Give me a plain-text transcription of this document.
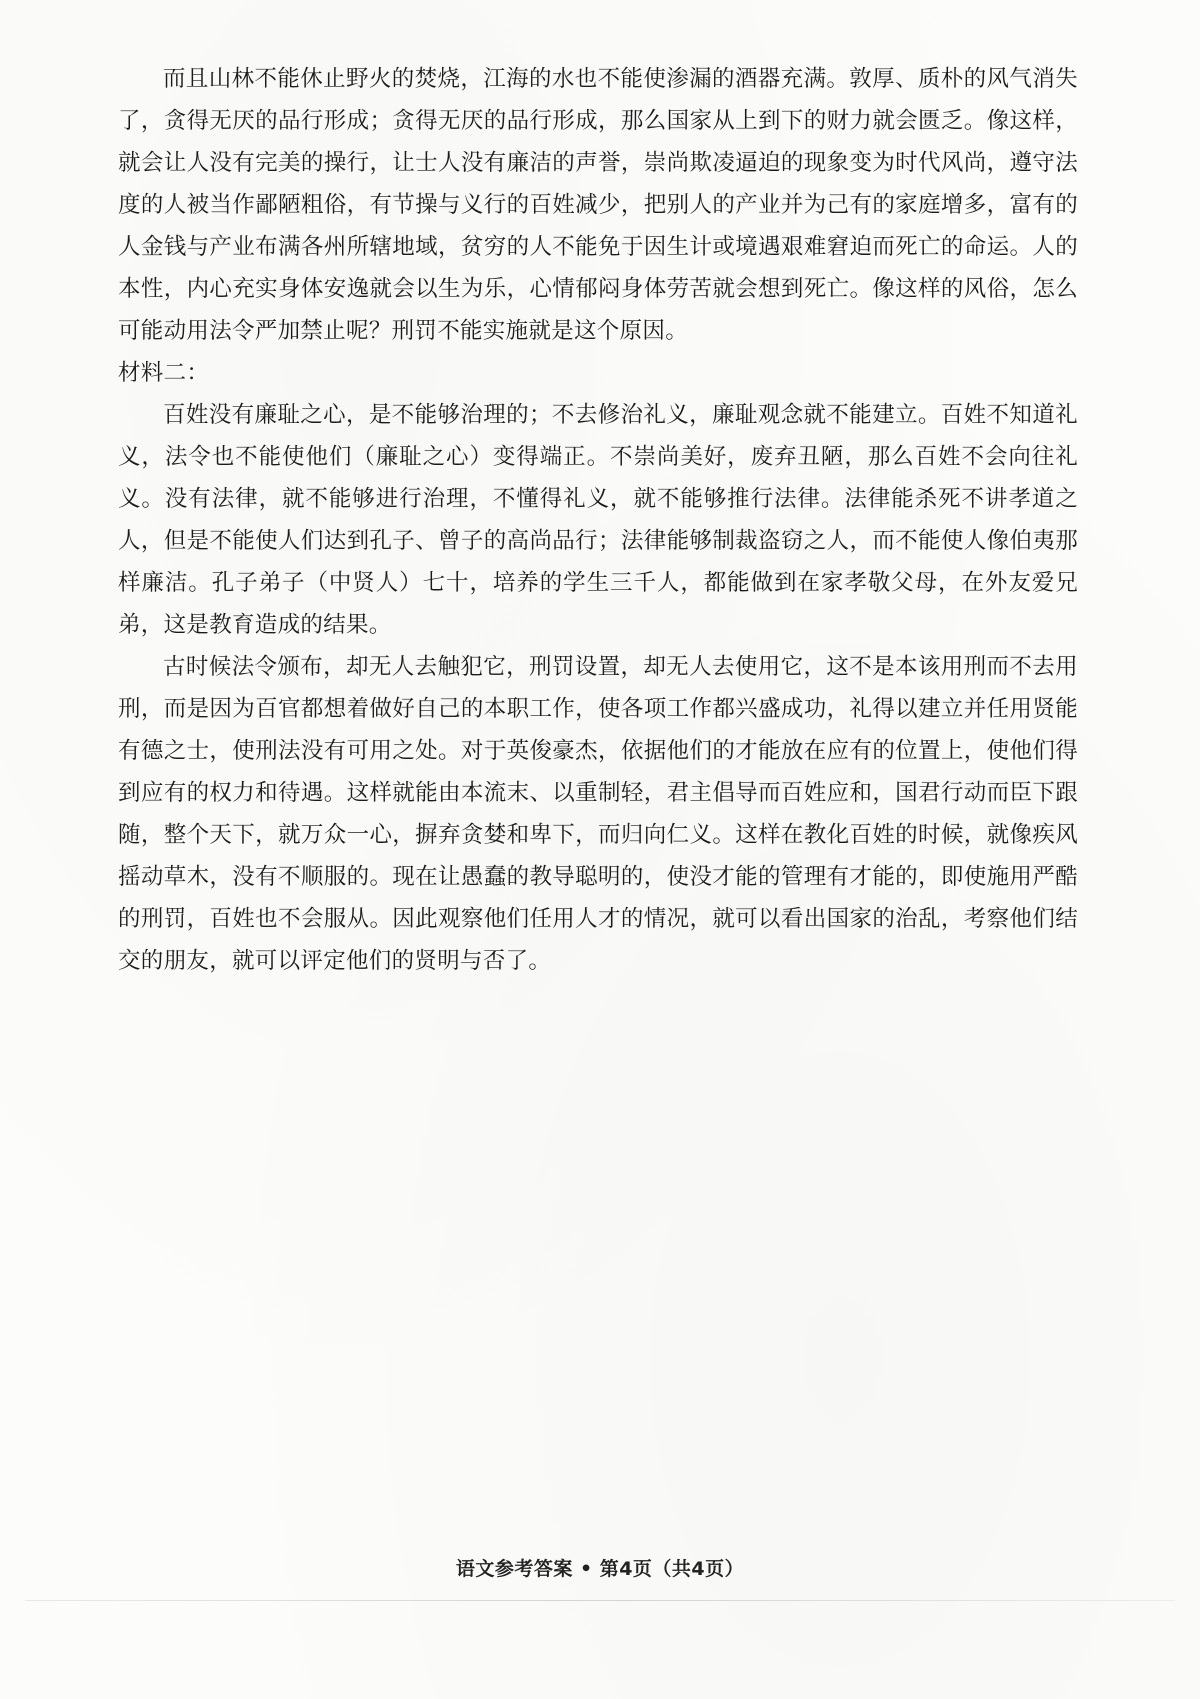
而且山林不能休止野火的焚烧，江海的水也不能使渗漏的酒器充满。敦厚、质朴的风气消失了，贪得无厌的品行形成；贪得无厌的品行形成，那么国家从上到下的财力就会匮乏。像这样，就会让人没有完美的操行，让士人没有廉洁的声誉，崇尚欺凌逼迫的现象变为时代风尚，遵守法度的人被当作鄙陋粗俗，有节操与义行的百姓减少，把别人的产业并为己有的家庭增多，富有的人金钱与产业布满各州所辖地域，贫穷的人不能免于因生计或境遇艰难窘迫而死亡的命运。人的本性，内心充实身体安逸就会以生为乐，心情郁闷身体劳苦就会想到死亡。像这样的风俗，怎么可能动用法令严加禁止呢？刑罚不能实施就是这个原因。

材料二：

百姓没有廉耻之心，是不能够治理的；不去修治礼义，廉耻观念就不能建立。百姓不知道礼义，法令也不能使他们（廉耻之心）变得端正。不崇尚美好，废弃丑陋，那么百姓不会向往礼义。没有法律，就不能够进行治理，不懂得礼义，就不能够推行法律。法律能杀死不讲孝道之人，但是不能使人们达到孔子、曾子的高尚品行；法律能够制裁盗窃之人，而不能使人像伯夷那样廉洁。孔子弟子（中贤人）七十，培养的学生三千人，都能做到在家孝敬父母，在外友爱兄弟，这是教育造成的结果。

古时候法令颁布，却无人去触犯它，刑罚设置，却无人去使用它，这不是本该用刑而不去用刑，而是因为百官都想着做好自己的本职工作，使各项工作都兴盛成功，礼得以建立并任用贤能有德之士，使刑法没有可用之处。对于英俊豪杰，依据他们的才能放在应有的位置上，使他们得到应有的权力和待遇。这样就能由本流末、以重制轻，君主倡导而百姓应和，国君行动而臣下跟随，整个天下，就万众一心，摒弃贪婪和卑下，而归向仁义。这样在教化百姓的时候，就像疾风摇动草木，没有不顺服的。现在让愚蠢的教导聪明的，使没才能的管理有才能的，即使施用严酷的刑罚，百姓也不会服从。因此观察他们任用人才的情况，就可以看出国家的治乱，考察他们结交的朋友，就可以评定他们的贤明与否了。

语文参考答案 • 第4页（共4页）
